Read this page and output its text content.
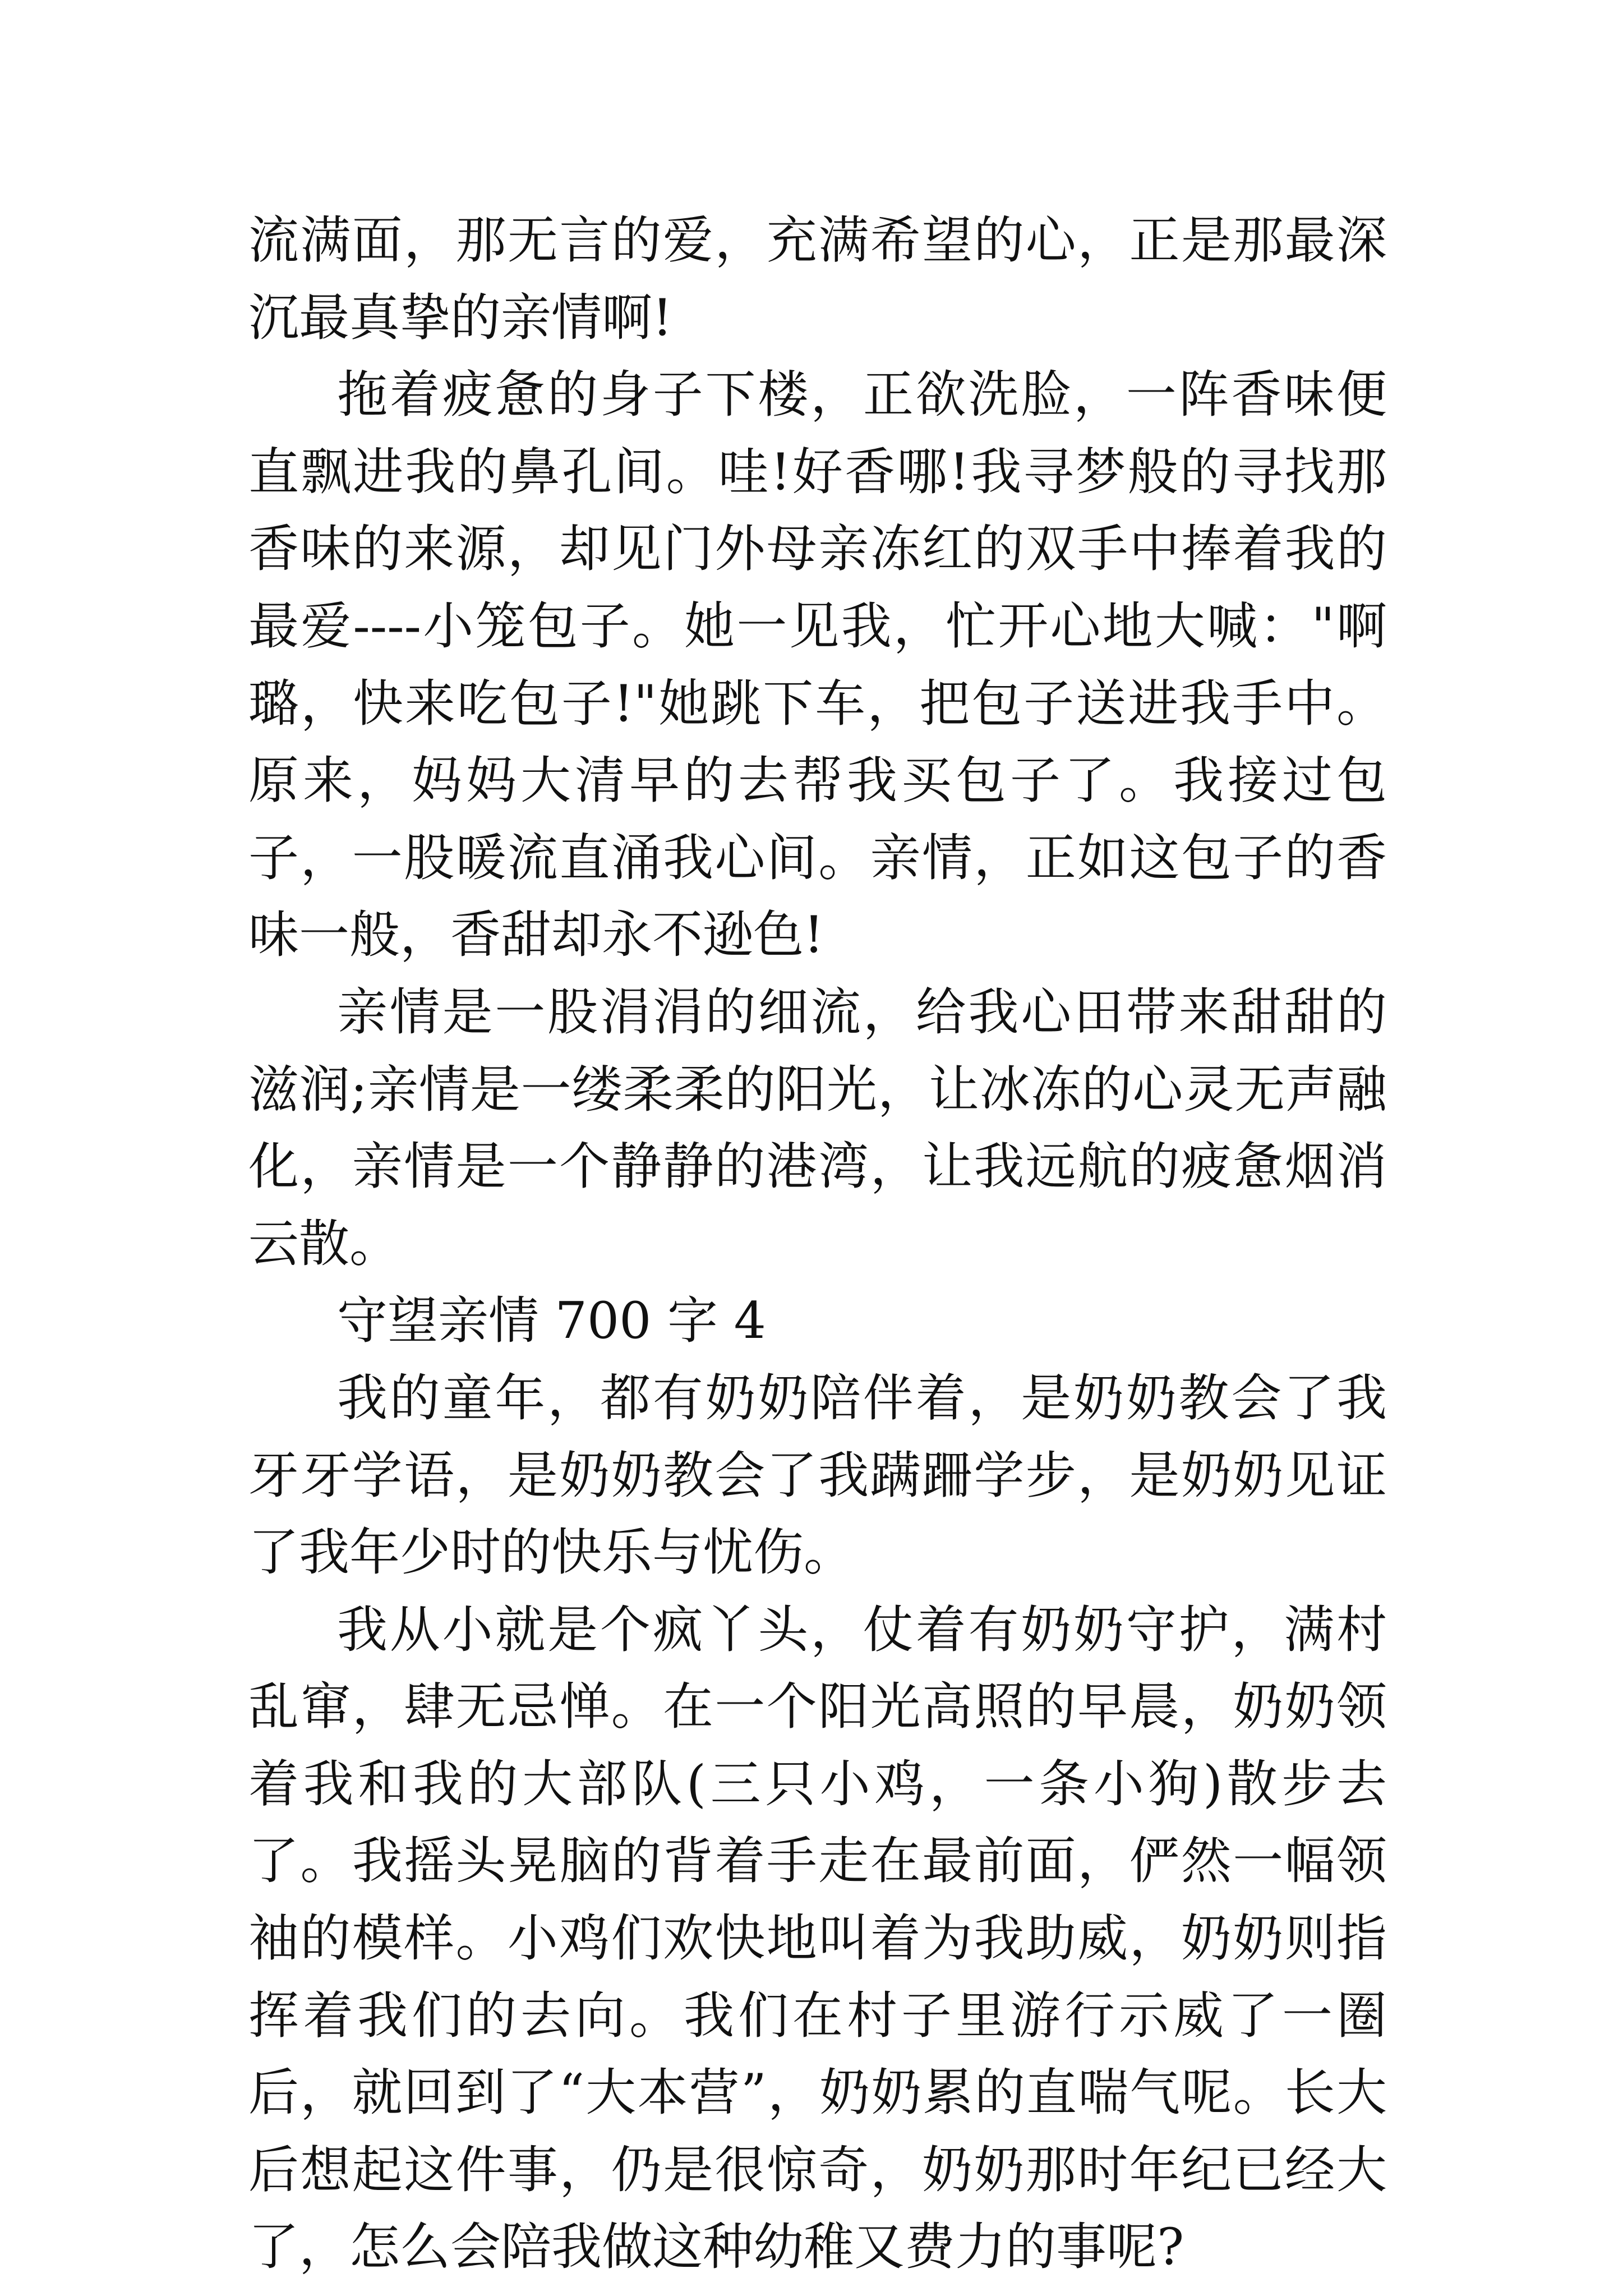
流满面，那无言的爱，充满希望的心，正是那最深沉最真挚的亲情啊!

拖着疲惫的身子下楼，正欲洗脸，一阵香味便直飘进我的鼻孔间。哇!好香哪!我寻梦般的寻找那香味的来源，却见门外母亲冻红的双手中捧着我的最爱----小笼包子。她一见我，忙开心地大喊："啊璐，快来吃包子!"她跳下车，把包子送进我手中。原来，妈妈大清早的去帮我买包子了。我接过包子，一股暖流直涌我心间。亲情，正如这包子的香味一般，香甜却永不逊色!

亲情是一股涓涓的细流，给我心田带来甜甜的滋润;亲情是一缕柔柔的阳光，让冰冻的心灵无声融化，亲情是一个静静的港湾，让我远航的疲惫烟消云散。

守望亲情 700 字 4

我的童年，都有奶奶陪伴着，是奶奶教会了我牙牙学语，是奶奶教会了我蹒跚学步，是奶奶见证了我年少时的快乐与忧伤。

我从小就是个疯丫头，仗着有奶奶守护，满村乱窜，肆无忌惮。在一个阳光高照的早晨，奶奶领着我和我的大部队(三只小鸡，一条小狗)散步去了。我摇头晃脑的背着手走在最前面，俨然一幅领袖的模样。小鸡们欢快地叫着为我助威，奶奶则指挥着我们的去向。我们在村子里游行示威了一圈后，就回到了“大本营”，奶奶累的直喘气呢。长大后想起这件事，仍是很惊奇，奶奶那时年纪已经大了，怎么会陪我做这种幼稚又费力的事呢?
